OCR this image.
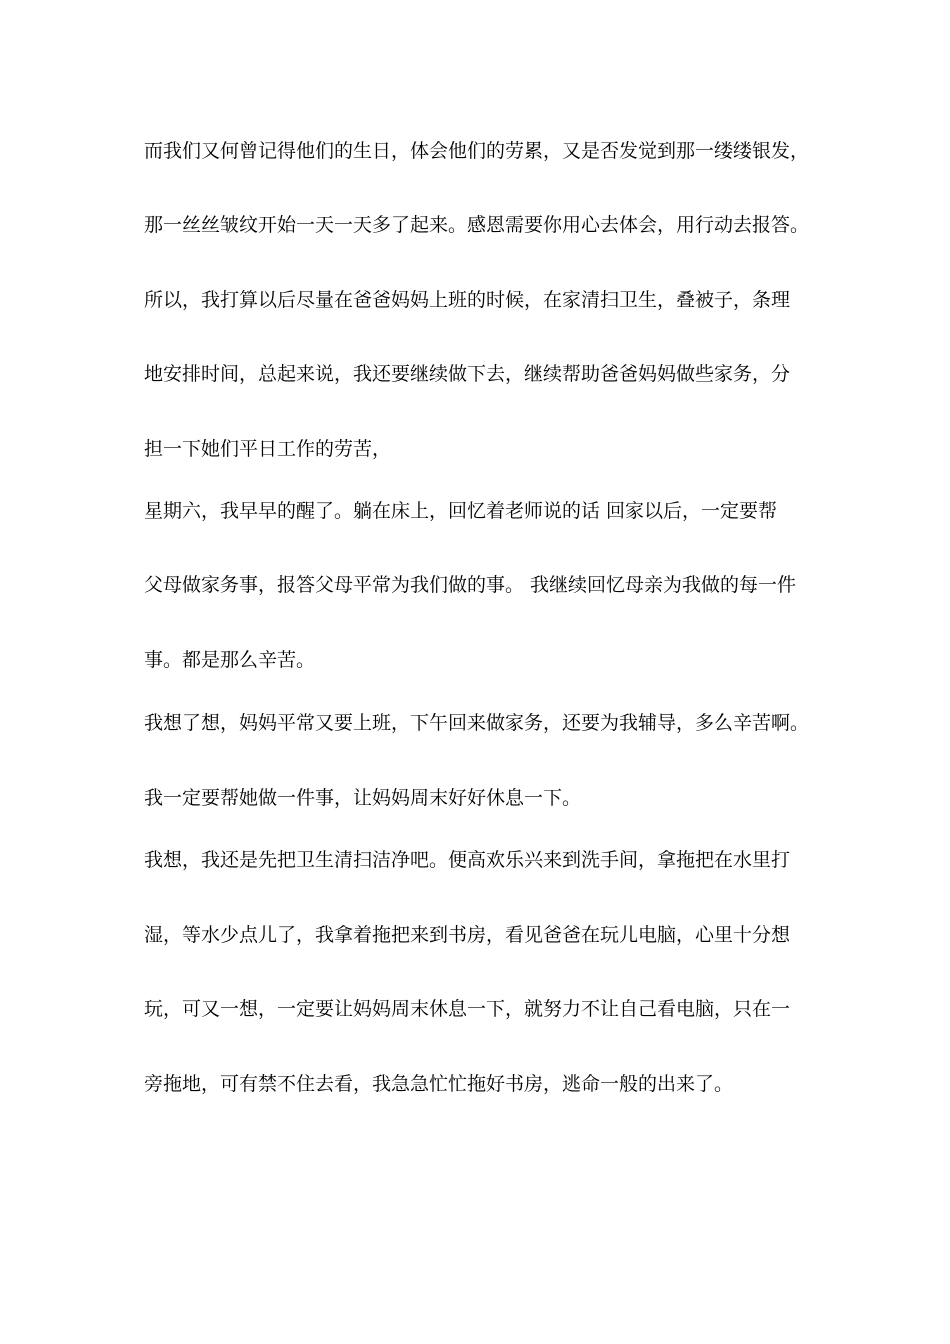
而我们又何曾记得他们的生日，体会他们的劳累，又是否发觉到那一缕缕银发，
那一丝丝皱纹开始一天一天多了起来。感恩需要你用心去体会，用行动去报答。
所以，我打算以后尽量在爸爸妈妈上班的时候，在家清扫卫生，叠被子，条理
地安排时间，总起来说，我还要继续做下去，继续帮助爸爸妈妈做些家务，分
担一下她们平日工作的劳苦，
星期六，我早早的醒了。躺在床上，回忆着老师说的话 回家以后，一定要帮
父母做家务事，报答父母平常为我们做的事。 我继续回忆母亲为我做的每一件
事。都是那么辛苦。
我想了想，妈妈平常又要上班，下午回来做家务，还要为我辅导，多么辛苦啊。
我一定要帮她做一件事，让妈妈周末好好休息一下。
我想，我还是先把卫生清扫洁净吧。便高欢乐兴来到洗手间，拿拖把在水里打
湿，等水少点儿了，我拿着拖把来到书房，看见爸爸在玩儿电脑，心里十分想
玩，可又一想，一定要让妈妈周末休息一下，就努力不让自己看电脑，只在一
旁拖地，可有禁不住去看，我急急忙忙拖好书房，逃命一般的出来了。
